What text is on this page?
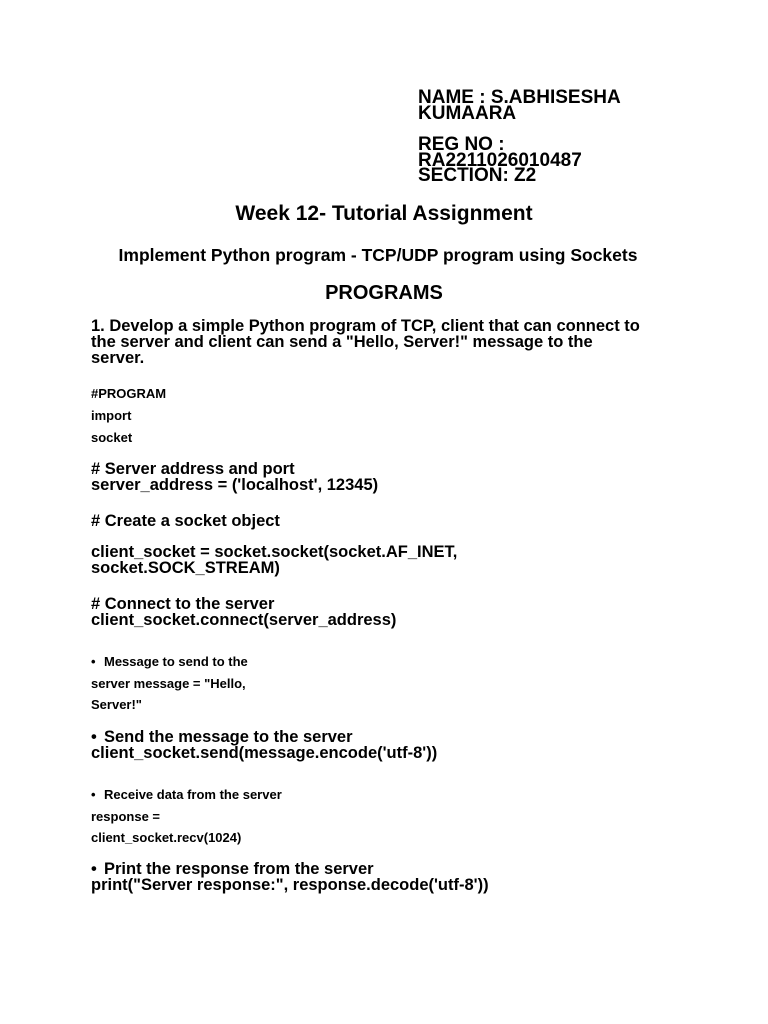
NAME : S.ABHISESHA
KUMAARA
REG NO :
RA2211026010487
SECTION: Z2
Week 12- Tutorial Assignment
Implement Python program - TCP/UDP program using Sockets
PROGRAMS
1. Develop a simple Python program of TCP, client that can connect to
the server and client can send a "Hello, Server!" message to the
server.
#PROGRAM
import
socket
# Server address and port
server_address = ('localhost', 12345)
# Create a socket object
client_socket = socket.socket(socket.AF_INET,
socket.SOCK_STREAM)
# Connect to the server
client_socket.connect(server_address)
• Message to send to the
server message = "Hello,
Server!"
• Send the message to the server
client_socket.send(message.encode('utf-8'))
• Receive data from the server
response =
client_socket.recv(1024)
• Print the response from the server
print("Server response:", response.decode('utf-8'))
